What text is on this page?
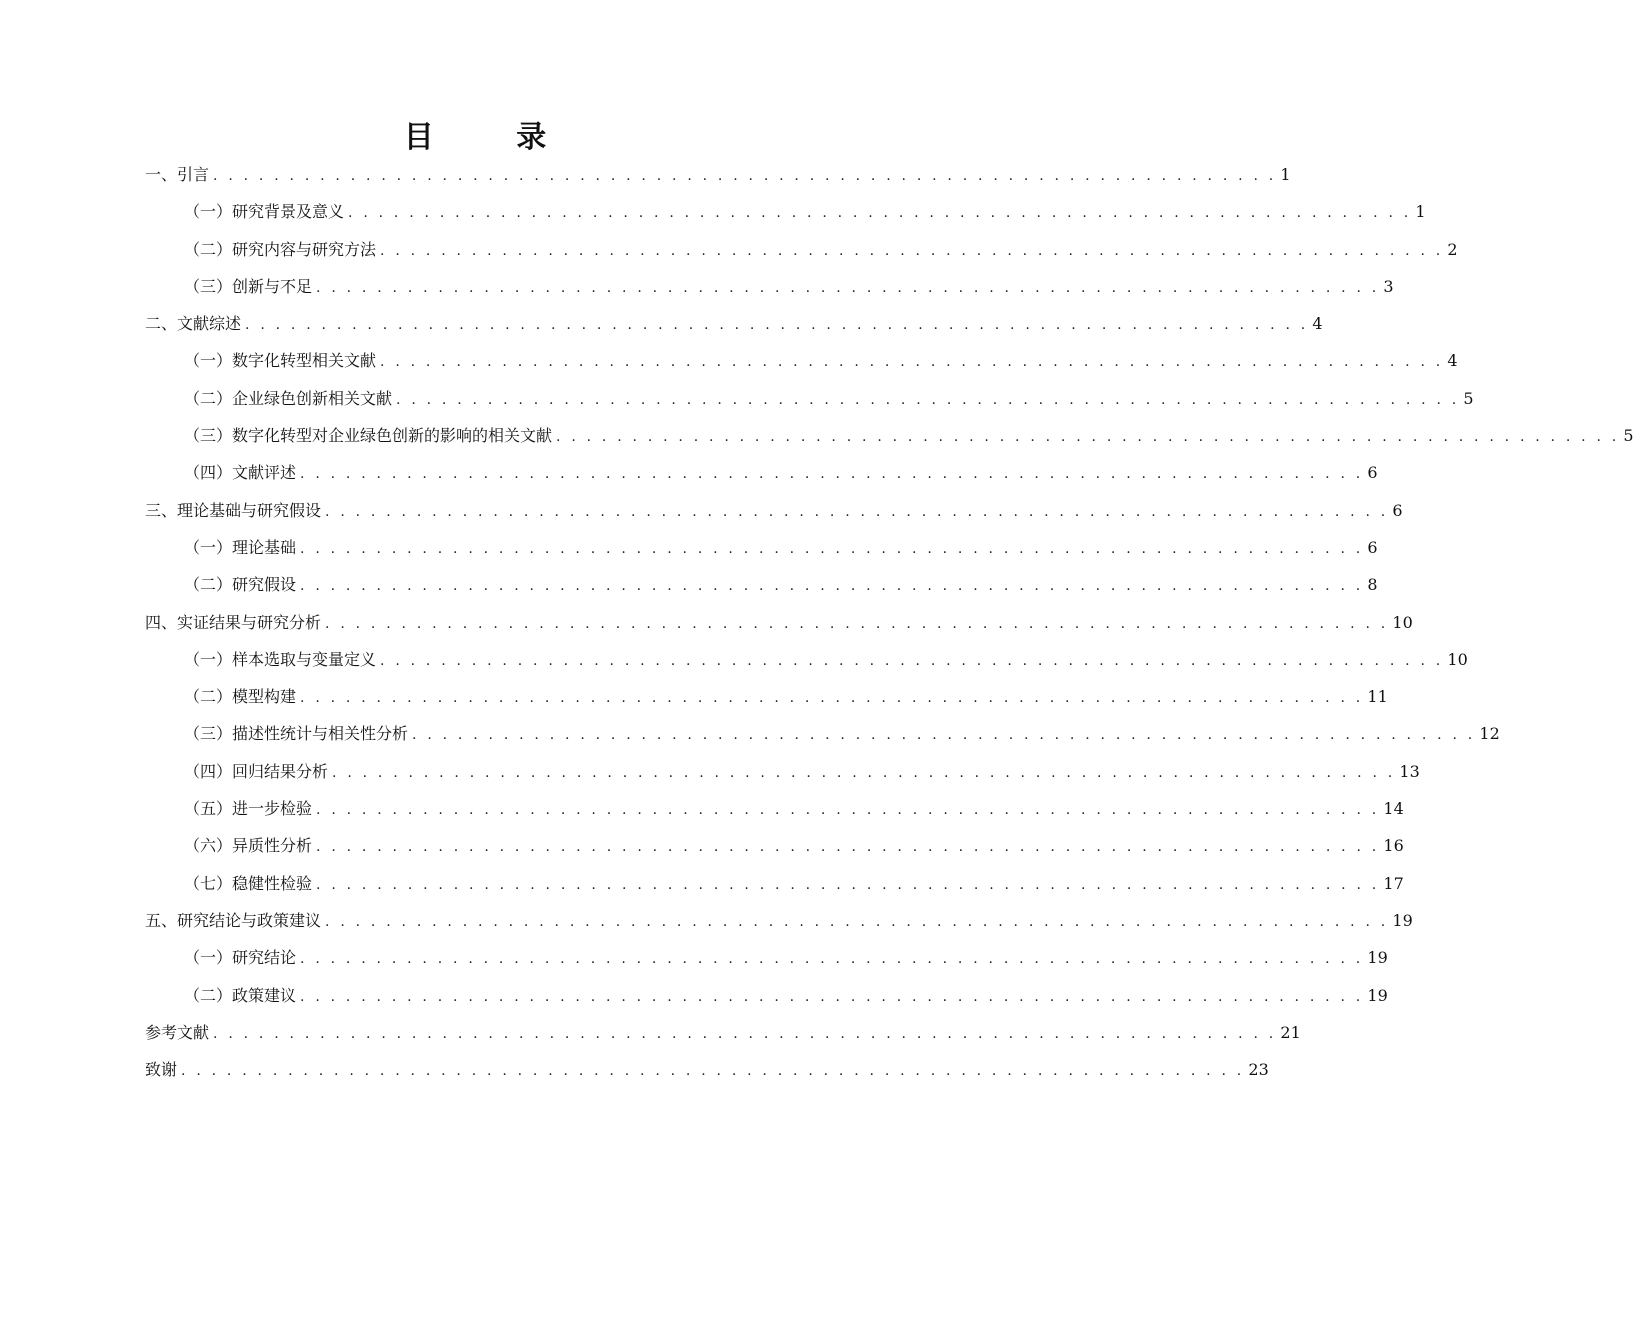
目 录
一、引言 . . . . . . . . . . . . . . . . . . . . . . . . . . . . . . . . . . . . . . . . . . . . . . . . . . . . . . . . . . . . . . . . . . . . . . 1
（一）研究背景及意义 . . . . . . . . . . . . . . . . . . . . . . . . . . . . . . . . . . . . . . . . . . . . . . . . . . . . . . . . . . . . . . . . . . . . . . 1
（二）研究内容与研究方法 . . . . . . . . . . . . . . . . . . . . . . . . . . . . . . . . . . . . . . . . . . . . . . . . . . . . . . . . . . . . . . . . . . . . . . 2
（三）创新与不足 . . . . . . . . . . . . . . . . . . . . . . . . . . . . . . . . . . . . . . . . . . . . . . . . . . . . . . . . . . . . . . . . . . . . . . 3
二、文献综述 . . . . . . . . . . . . . . . . . . . . . . . . . . . . . . . . . . . . . . . . . . . . . . . . . . . . . . . . . . . . . . . . . . . . . . 4
（一）数字化转型相关文献 . . . . . . . . . . . . . . . . . . . . . . . . . . . . . . . . . . . . . . . . . . . . . . . . . . . . . . . . . . . . . . . . . . . . . . 4
（二）企业绿色创新相关文献 . . . . . . . . . . . . . . . . . . . . . . . . . . . . . . . . . . . . . . . . . . . . . . . . . . . . . . . . . . . . . . . . . . . . . . 5
（三）数字化转型对企业绿色创新的影响的相关文献 . . . . . . . . . . . . . . . . . . . . . . . . . . . . . . . . . . . . . . . . . . . . . . . . . . . . . . . . . . . . . . . . . . . . . . 5
（四）文献评述 . . . . . . . . . . . . . . . . . . . . . . . . . . . . . . . . . . . . . . . . . . . . . . . . . . . . . . . . . . . . . . . . . . . . . . 6
三、理论基础与研究假设 . . . . . . . . . . . . . . . . . . . . . . . . . . . . . . . . . . . . . . . . . . . . . . . . . . . . . . . . . . . . . . . . . . . . . . 6
（一）理论基础 . . . . . . . . . . . . . . . . . . . . . . . . . . . . . . . . . . . . . . . . . . . . . . . . . . . . . . . . . . . . . . . . . . . . . . 6
（二）研究假设 . . . . . . . . . . . . . . . . . . . . . . . . . . . . . . . . . . . . . . . . . . . . . . . . . . . . . . . . . . . . . . . . . . . . . . 8
四、实证结果与研究分析 . . . . . . . . . . . . . . . . . . . . . . . . . . . . . . . . . . . . . . . . . . . . . . . . . . . . . . . . . . . . . . . . . . . . . . 10
（一）样本选取与变量定义 . . . . . . . . . . . . . . . . . . . . . . . . . . . . . . . . . . . . . . . . . . . . . . . . . . . . . . . . . . . . . . . . . . . . . . 10
（二）模型构建 . . . . . . . . . . . . . . . . . . . . . . . . . . . . . . . . . . . . . . . . . . . . . . . . . . . . . . . . . . . . . . . . . . . . . . 11
（三）描述性统计与相关性分析 . . . . . . . . . . . . . . . . . . . . . . . . . . . . . . . . . . . . . . . . . . . . . . . . . . . . . . . . . . . . . . . . . . . . . . 12
（四）回归结果分析 . . . . . . . . . . . . . . . . . . . . . . . . . . . . . . . . . . . . . . . . . . . . . . . . . . . . . . . . . . . . . . . . . . . . . . 13
（五）进一步检验 . . . . . . . . . . . . . . . . . . . . . . . . . . . . . . . . . . . . . . . . . . . . . . . . . . . . . . . . . . . . . . . . . . . . . . 14
（六）异质性分析 . . . . . . . . . . . . . . . . . . . . . . . . . . . . . . . . . . . . . . . . . . . . . . . . . . . . . . . . . . . . . . . . . . . . . . 16
（七）稳健性检验 . . . . . . . . . . . . . . . . . . . . . . . . . . . . . . . . . . . . . . . . . . . . . . . . . . . . . . . . . . . . . . . . . . . . . . 17
五、研究结论与政策建议 . . . . . . . . . . . . . . . . . . . . . . . . . . . . . . . . . . . . . . . . . . . . . . . . . . . . . . . . . . . . . . . . . . . . . . 19
（一）研究结论 . . . . . . . . . . . . . . . . . . . . . . . . . . . . . . . . . . . . . . . . . . . . . . . . . . . . . . . . . . . . . . . . . . . . . . 19
（二）政策建议 . . . . . . . . . . . . . . . . . . . . . . . . . . . . . . . . . . . . . . . . . . . . . . . . . . . . . . . . . . . . . . . . . . . . . . 19
参考文献 . . . . . . . . . . . . . . . . . . . . . . . . . . . . . . . . . . . . . . . . . . . . . . . . . . . . . . . . . . . . . . . . . . . . . . 21
致谢 . . . . . . . . . . . . . . . . . . . . . . . . . . . . . . . . . . . . . . . . . . . . . . . . . . . . . . . . . . . . . . . . . . . . . . 23
